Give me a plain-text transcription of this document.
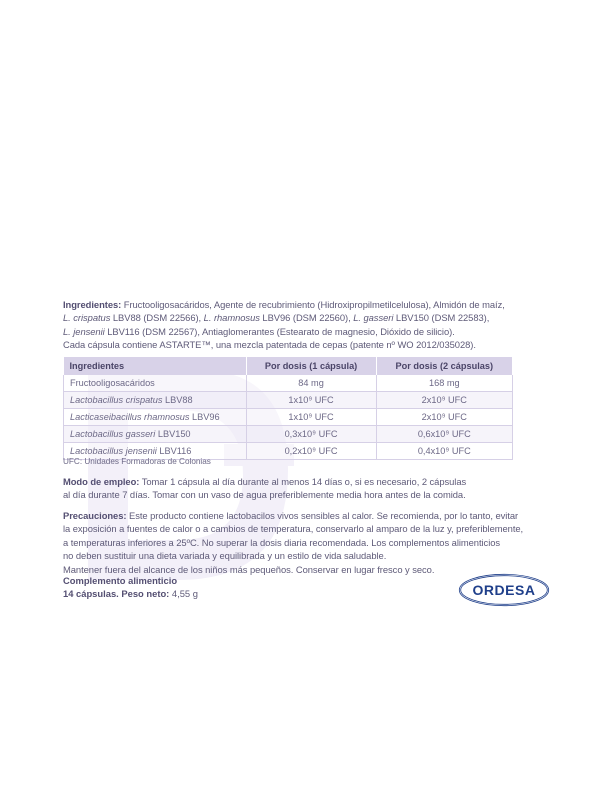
Ingredientes: Fructooligosacáridos, Agente de recubrimiento (Hidroxipropilmetilcelulosa), Almidón de maíz,
L. crispatus LBV88 (DSM 22566), L. rhamnosus LBV96 (DSM 22560), L. gasseri LBV150 (DSM 22583),
L. jensenii LBV116 (DSM 22567), Antiaglomerantes (Estearato de magnesio, Dióxido de silicio).
Cada cápsula contiene ASTARTE™, una mezcla patentada de cepas (patente nº WO 2012/035028).
Ingredientes	Por dosis (1 cápsula)	Por dosis (2 cápsulas)
Fructooligosacáridos	84 mg	168 mg
Lactobacillus crispatus LBV88	1x10⁹ UFC	2x10⁹ UFC
Lacticaseibacillus rhamnosus LBV96	1x10⁹ UFC	2x10⁹ UFC
Lactobacillus gasseri LBV150	0,3x10⁹ UFC	0,6x10⁹ UFC
Lactobacillus jensenii LBV116	0,2x10⁹ UFC	0,4x10⁹ UFC
UFC: Unidades Formadoras de Colonias
Modo de empleo: Tomar 1 cápsula al día durante al menos 14 días o, si es necesario, 2 cápsulas
al día durante 7 días. Tomar con un vaso de agua preferiblemente media hora antes de la comida.
Precauciones: Este producto contiene lactobacilos vivos sensibles al calor. Se recomienda, por lo tanto, evitar
la exposición a fuentes de calor o a cambios de temperatura, conservarlo al amparo de la luz y, preferiblemente,
a temperaturas inferiores a 25ºC. No superar la dosis diaria recomendada. Los complementos alimenticios
no deben sustituir una dieta variada y equilibrada y un estilo de vida saludable.
Mantener fuera del alcance de los niños más pequeños. Conservar en lugar fresco y seco.
Complemento alimenticio
14 cápsulas. Peso neto: 4,55 g	ORDESA
